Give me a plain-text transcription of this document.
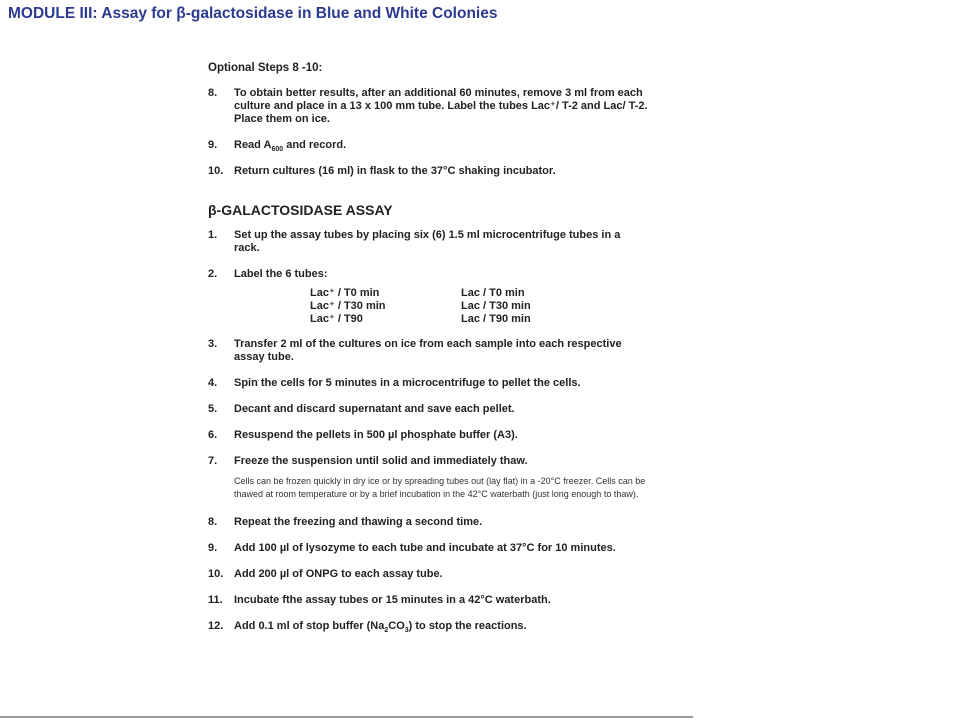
MODULE III: Assay for β-galactosidase in Blue and White Colonies
Optional Steps 8 -10:
8.	To obtain better results, after an additional 60 minutes, remove 3 ml from each culture and place in a 13 x 100 mm tube. Label the tubes Lac⁺/ T-2 and Lac/ T-2. Place them on ice.
9.	Read $A_{600}$ and record.
10. Return cultures (16 ml) in flask to the 37°C shaking incubator.
β-GALACTOSIDASE ASSAY
1.	Set up the assay tubes by placing six (6) 1.5 ml microcentrifuge tubes in a rack.
2.	Label the 6 tubes:
Lac⁺ / T0 min	Lac / T0 min
Lac⁺ / T30 min	Lac / T30 min
Lac⁺ / T90	Lac / T90 min
3.	Transfer 2 ml of the cultures on ice from each sample into each respective assay tube.
4.	Spin the cells for 5 minutes in a microcentrifuge to pellet the cells.
5.	Decant and discard supernatant and save each pellet.
6.	Resuspend the pellets in 500 µl phosphate buffer (A3).
7.	Freeze the suspension until solid and immediately thaw.
Cells can be frozen quickly in dry ice or by spreading tubes out (lay flat) in a -20°C freezer. Cells can be thawed at room temperature or by a brief incubation in the 42°C waterbath (just long enough to thaw).
8.	Repeat the freezing and thawing a second time.
9.	Add 100 µl of lysozyme to each tube and incubate at 37°C for 10 minutes.
10. Add 200 µl of ONPG to each assay tube.
11.	Incubate fthe assay tubes or 15 minutes in a 42°C waterbath.
12. Add 0.1 ml of stop buffer $(Na_2CO_3)$ to stop the reactions.
